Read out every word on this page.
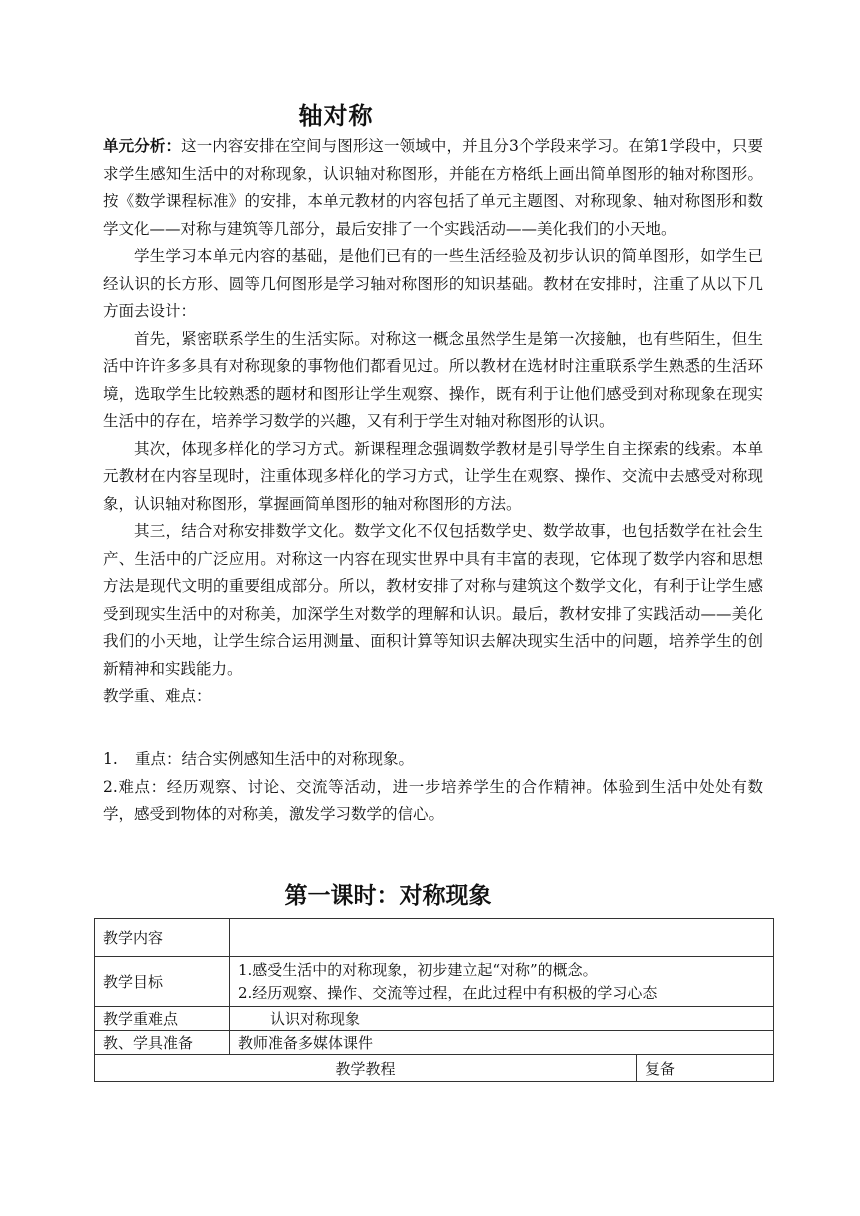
轴对称

单元分析：这一内容安排在空间与图形这一领域中，并且分3个学段来学习。在第1学段中，只要求学生感知生活中的对称现象，认识轴对称图形，并能在方格纸上画出简单图形的轴对称图形。按《数学课程标准》的安排，本单元教材的内容包括了单元主题图、对称现象、轴对称图形和数学文化——对称与建筑等几部分，最后安排了一个实践活动——美化我们的小天地。

学生学习本单元内容的基础，是他们已有的一些生活经验及初步认识的简单图形，如学生已经认识的长方形、圆等几何图形是学习轴对称图形的知识基础。教材在安排时，注重了从以下几方面去设计：

首先，紧密联系学生的生活实际。对称这一概念虽然学生是第一次接触，也有些陌生，但生活中许许多多具有对称现象的事物他们都看见过。所以教材在选材时注重联系学生熟悉的生活环境，选取学生比较熟悉的题材和图形让学生观察、操作，既有利于让他们感受到对称现象在现实生活中的存在，培养学习数学的兴趣，又有利于学生对轴对称图形的认识。

其次，体现多样化的学习方式。新课程理念强调数学教材是引导学生自主探索的线索。本单元教材在内容呈现时，注重体现多样化的学习方式，让学生在观察、操作、交流中去感受对称现象，认识轴对称图形，掌握画简单图形的轴对称图形的方法。

其三，结合对称安排数学文化。数学文化不仅包括数学史、数学故事，也包括数学在社会生产、生活中的广泛应用。对称这一内容在现实世界中具有丰富的表现，它体现了数学内容和思想方法是现代文明的重要组成部分。所以，教材安排了对称与建筑这个数学文化，有利于让学生感受到现实生活中的对称美，加深学生对数学的理解和认识。最后，教材安排了实践活动——美化我们的小天地，让学生综合运用测量、面积计算等知识去解决现实生活中的问题，培养学生的创新精神和实践能力。

教学重、难点：

1. 重点：结合实例感知生活中的对称现象。

2.难点：经历观察、讨论、交流等活动，进一步培养学生的合作精神。体验到生活中处处有数学，感受到物体的对称美，激发学习数学的信心。

第一课时：对称现象
教学内容		
教学目标	1.感受生活中的对称现象，初步建立起“对称”的概念。
2.经历观察、操作、交流等过程，在此过程中有积极的学习心态	

教学重难点	认识对称现象	
教、学具准备	教师准备多媒体课件	
教学教程		复备
